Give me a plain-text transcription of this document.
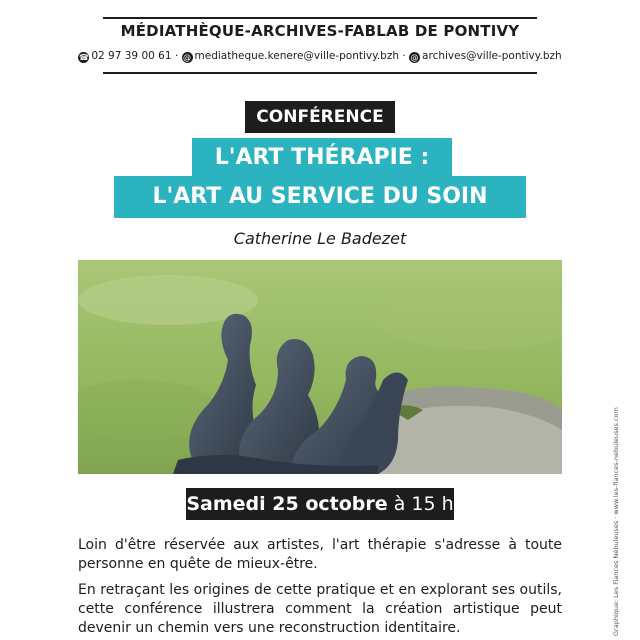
MÉDIATHÈQUE-ARCHIVES-FABLAB DE PONTIVY
☎ 02 97 39 00 61 · @ mediatheque.kenere@ville-pontivy.bzh · @ archives@ville-pontivy.bzh
CONFÉRENCE
L'ART THÉRAPIE :
L'ART AU SERVICE DU SOIN
Catherine Le Badezet
Samedi 25 octobre à 15 h
Loin d'être réservée aux artistes, l'art thérapie s'adresse à toute personne en quête de mieux-être.
En retraçant les origines de cette pratique et en explorant ses outils, cette conférence illustrera comment la création artistique peut devenir un chemin vers une reconstruction identitaire.	Graphique: Les Fiances Nébuleuses · www.les-fiances-nebuleuses.com
